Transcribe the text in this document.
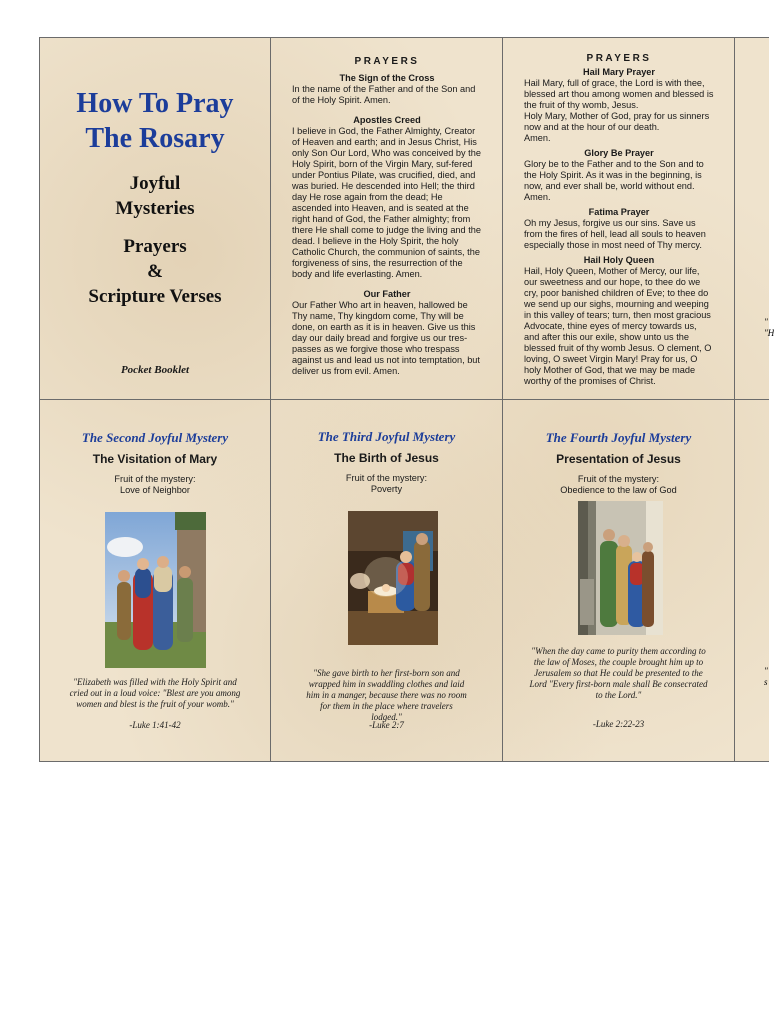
How To Pray
The Rosary
Joyful
Mysteries
Prayers
&
Scripture Verses
Pocket Booklet
PRAYERS
The Sign of the Cross

In the name of the Father and of the Son and of the Holy Spirit. Amen.

Apostles Creed

I believe in God, the Father Almighty, Creator of Heaven and earth; and in Jesus Christ, His only Son Our Lord, Who was conceived by the Holy Spirit, born of the Virgin Mary, suf-fered under Pontius Pilate, was crucified, died, and was buried. He descended into Hell; the third day He rose again from the dead; He ascended into Heaven, and is seated at the right hand of God, the Father almighty; from there He shall come to judge the living and the dead. I believe in the Holy Spirit, the holy Catholic Church, the communion of saints, the forgiveness of sins, the resurrection of the body and life everlasting. Amen.

Our Father

Our Father Who art in heaven, hallowed be Thy name, Thy kingdom come, Thy will be done, on earth as it is in heaven. Give us this day our daily bread and forgive us our tres-passes as we forgive those who trespass against us and lead us not into temptation, but deliver us from evil. Amen.

PRAYERS
Hail Mary Prayer

Hail Mary, full of grace, the Lord is with thee, blessed art thou among women and blessed is the fruit of thy womb, Jesus.

Holy Mary, Mother of God, pray for us sinners now and at the hour of our death.

Amen.

Glory Be Prayer

Glory be to the Father and to the Son and to the Holy Spirit. As it was in the beginning, is now, and ever shall be, world without end. Amen.

Fatima Prayer

Oh my Jesus, forgive us our sins. Save us from the fires of hell, lead all souls to heaven especially those in most need of Thy mercy.

Hail Holy Queen

Hail, Holy Queen, Mother of Mercy, our life, our sweetness and our hope, to thee do we cry, poor banished children of Eve; to thee do we send up our sighs, mourning and weeping in this valley of tears; turn, then most gracious Advocate, thine eyes of mercy towards us, and after this our exile, show unto us the blessed fruit of thy womb Jesus. O clement, O loving, O sweet Virgin Mary! Pray for us, O holy Mother of God, that we may be made worthy of the promises of Christ.

The Second Joyful Mystery
The Visitation of Mary
Fruit of the mystery:
Love of Neighbor
"Elizabeth was filled with the Holy Spirit and cried out in a loud voice: "Blest are you among women and blest is the fruit of your womb."
-Luke 1:41-42
The Third Joyful Mystery
The Birth of Jesus
Fruit of the mystery:
Poverty
"She gave birth to her first-born son and wrapped him in swaddling clothes and laid him in a manger, because there was no room for them in the place where travelers lodged."
-Luke 2:7
The Fourth Joyful Mystery
Presentation of Jesus
Fruit of the mystery:
Obedience to the law of God
"When the day came to purity them according to the law of Moses, the couple brought him up to Jerusalem so that He could be presented to the Lord "Every first-born male shall Be consecrated to the Lord."
-Luke 2:22-23
"
"H
"
s
